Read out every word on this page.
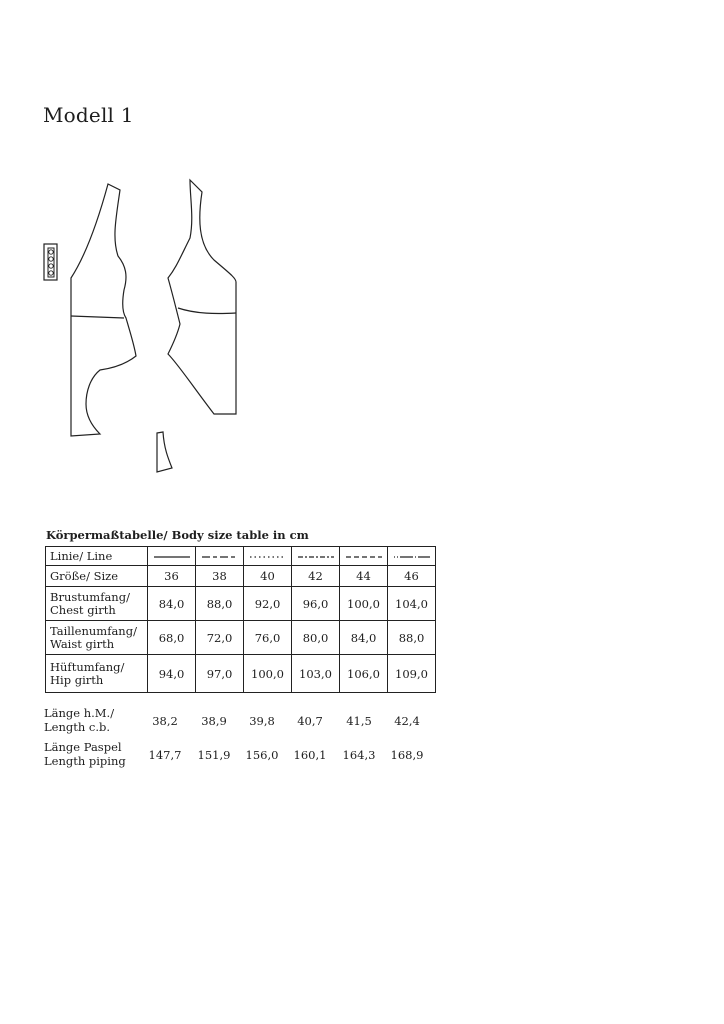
Modell 1
Körpermaßtabelle/ Body size table in cm
Linie/ Line						
Größe/ Size	36	38	40	42	44	46
Brustumfang/
Chest girth	84,0	88,0	92,0	96,0	100,0	104,0
Taillenumfang/
Waist girth	68,0	72,0	76,0	80,0	84,0	88,0
Hüftumfang/
Hip girth	94,0	97,0	100,0	103,0	106,0	109,0
Länge h.M./
Length c.b.	38,2	38,9	39,8	40,7	41,5	42,4
Länge Paspel
Length piping	147,7	151,9	156,0	160,1	164,3	168,9
